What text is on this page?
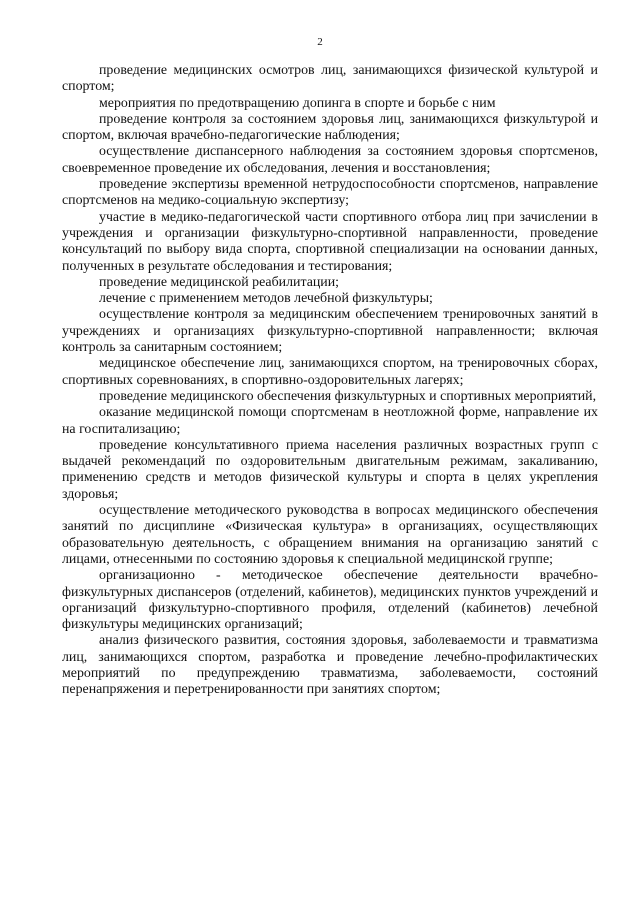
2

проведение медицинских осмотров лиц, занимающихся физической культурой и спортом;

мероприятия по предотвращению допинга в спорте и борьбе с ним

проведение контроля за состоянием здоровья лиц, занимающихся физкультурой и спортом, включая врачебно-педагогические наблюдения;

осуществление диспансерного наблюдения за состоянием здоровья спортсменов, своевременное проведение их обследования, лечения и восстановления;

проведение экспертизы временной нетрудоспособности спортсменов, направление спортсменов на медико-социальную экспертизу;

участие в медико-педагогической части спортивного отбора лиц при зачислении в учреждения и организации физкультурно-спортивной направленности, проведение консультаций по выбору вида спорта, спортивной специализации на основании данных, полученных в результате обследования и тестирования;

проведение медицинской реабилитации;

лечение с применением методов лечебной физкультуры;

осуществление контроля за медицинским обеспечением тренировочных занятий в учреждениях и организациях физкультурно-спортивной направленности; включая контроль за санитарным состоянием;

медицинское обеспечение лиц, занимающихся спортом, на тренировочных сборах, спортивных соревнованиях, в спортивно-оздоровительных лагерях;

проведение медицинского обеспечения физкультурных и спортивных мероприятий,

оказание медицинской помощи спортсменам в неотложной форме, направление их на госпитализацию;

проведение консультативного приема населения различных возрастных групп с выдачей рекомендаций по оздоровительным двигательным режимам, закаливанию, применению средств и методов физической культуры и спорта в целях укрепления здоровья;

осуществление методического руководства в вопросах медицинского обеспечения занятий по дисциплине «Физическая культура» в организациях, осуществляющих образовательную деятельность, с обращением внимания на организацию занятий с лицами, отнесенными по состоянию здоровья к специальной медицинской группе;

организационно - методическое обеспечение деятельности врачебно-физкультурных диспансеров (отделений, кабинетов), медицинских пунктов учреждений и организаций физкультурно-спортивного профиля, отделений (кабинетов) лечебной физкультуры медицинских организаций;

анализ физического развития, состояния здоровья, заболеваемости и травматизма лиц, занимающихся спортом, разработка и проведение лечебно-профилактических мероприятий по предупреждению травматизма, заболеваемости, состояний перенапряжения и перетренированности при занятиях спортом;
